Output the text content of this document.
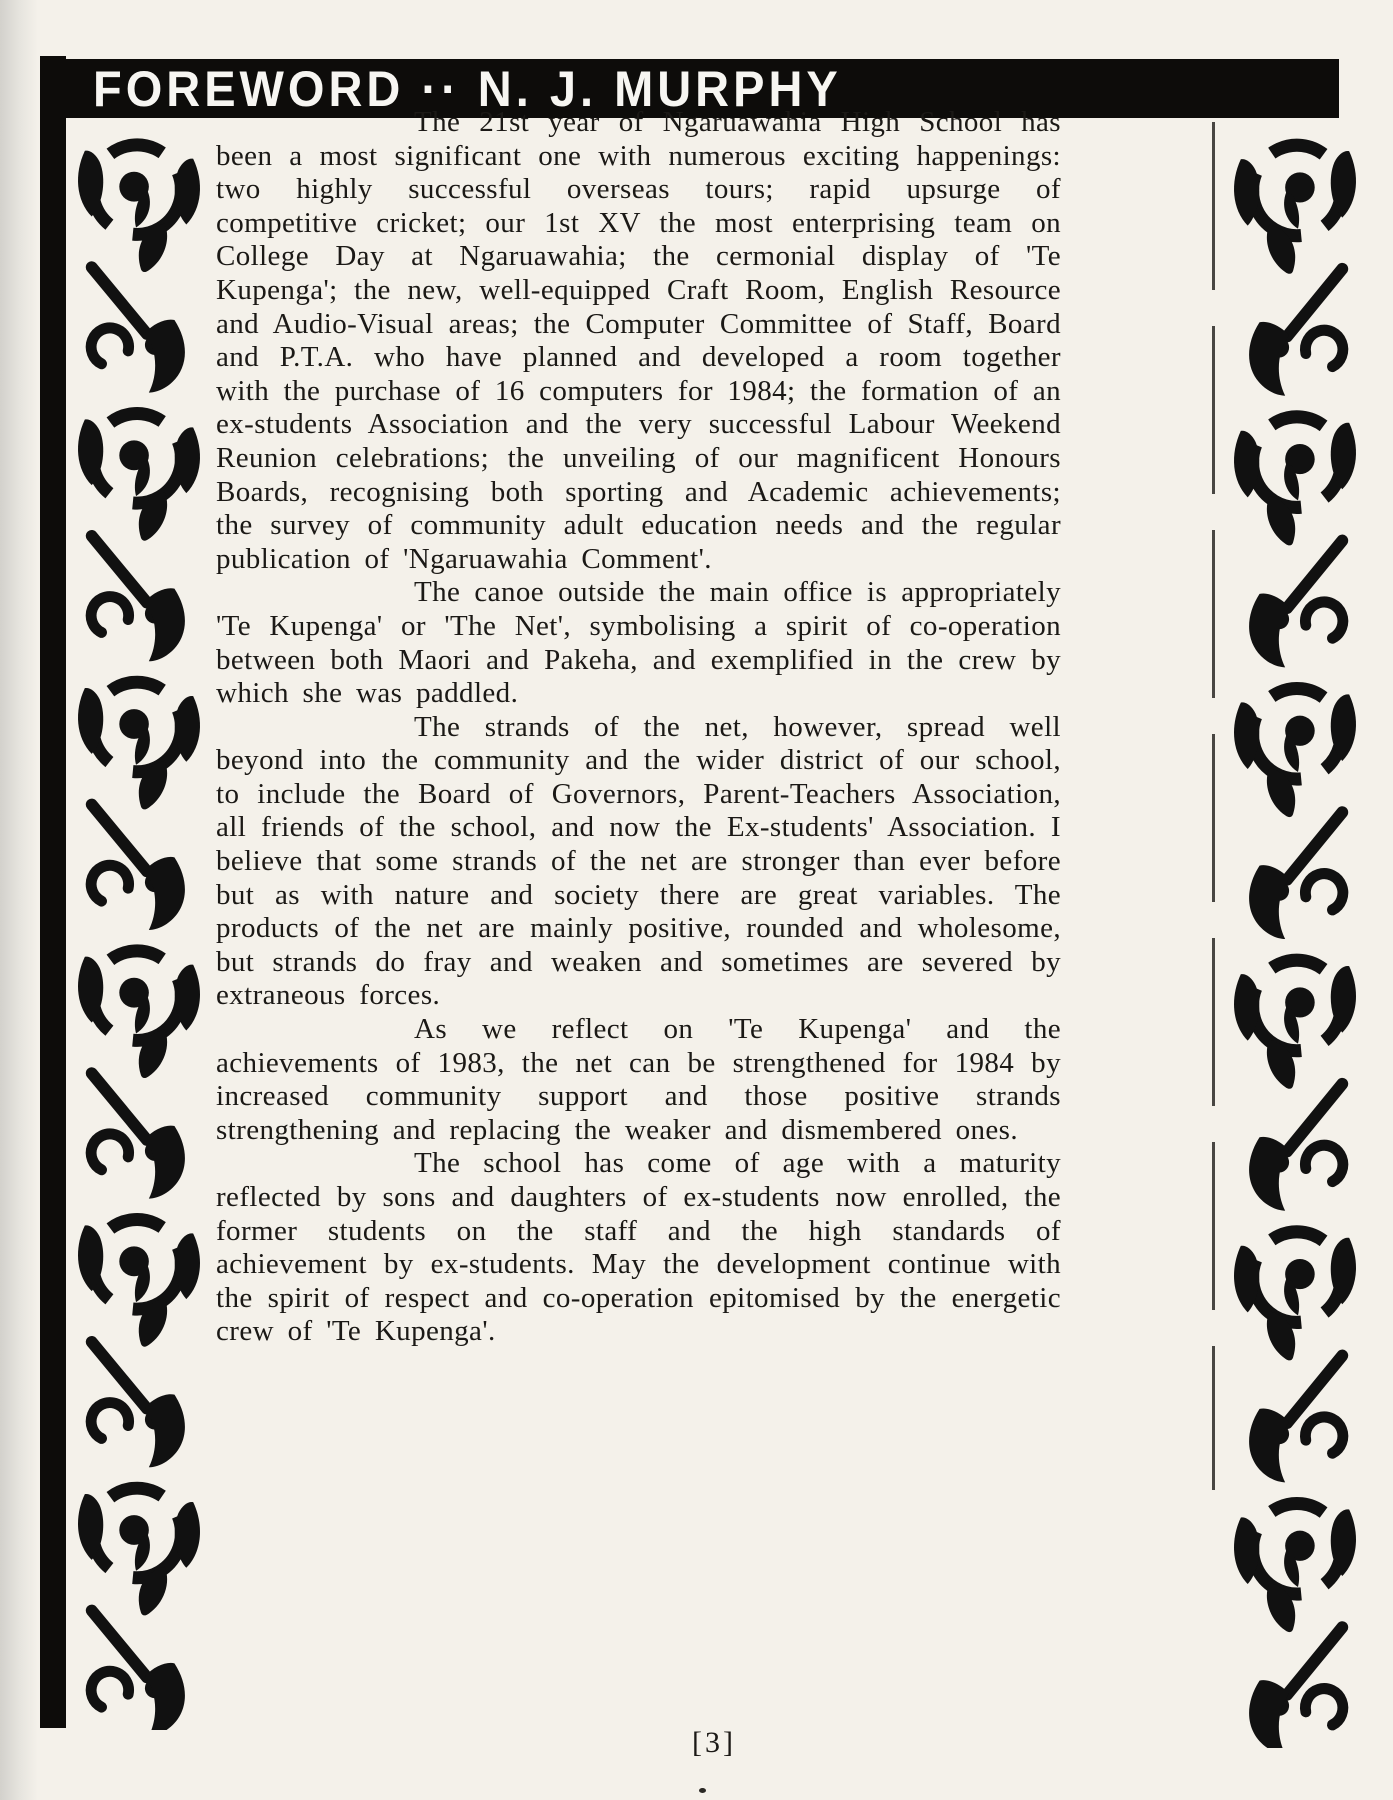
FOREWORD ·· N. J. MURPHY

The 21st year of Ngaruawahia High School has been a most significant one with numerous exciting happenings: two highly successful overseas tours; rapid upsurge of competitive cricket; our 1st XV the most enterprising team on College Day at Ngaruawahia; the cermonial display of 'Te Kupenga'; the new, well-equipped Craft Room, English Resource and Audio-Visual areas; the Computer Committee of Staff, Board and P.T.A. who have planned and developed a room together with the purchase of 16 computers for 1984; the formation of an ex-students Association and the very successful Labour Weekend Reunion celebrations; the unveiling of our magnificent Honours Boards, recognising both sporting and Academic achievements; the survey of community adult education needs and the regular publication of 'Ngaruawahia Comment'.

The canoe outside the main office is appropriately 'Te Kupenga' or 'The Net', symbolising a spirit of co-operation between both Maori and Pakeha, and exemplified in the crew by which she was paddled.

The strands of the net, however, spread well beyond into the community and the wider district of our school, to include the Board of Governors, Parent-Teachers Association, all friends of the school, and now the Ex-students' Association. I believe that some strands of the net are stronger than ever before but as with nature and society there are great variables. The products of the net are mainly positive, rounded and wholesome, but strands do fray and weaken and sometimes are severed by extraneous forces.

As we reflect on 'Te Kupenga' and the achievements of 1983, the net can be strengthened for 1984 by increased community support and those positive strands strengthening and replacing the weaker and dismembered ones.

The school has come of age with a maturity reflected by sons and daughters of ex-students now enrolled, the former students on the staff and the high standards of achievement by ex-students. May the development continue with the spirit of respect and co-operation epitomised by the energetic crew of 'Te Kupenga'.

[3]
